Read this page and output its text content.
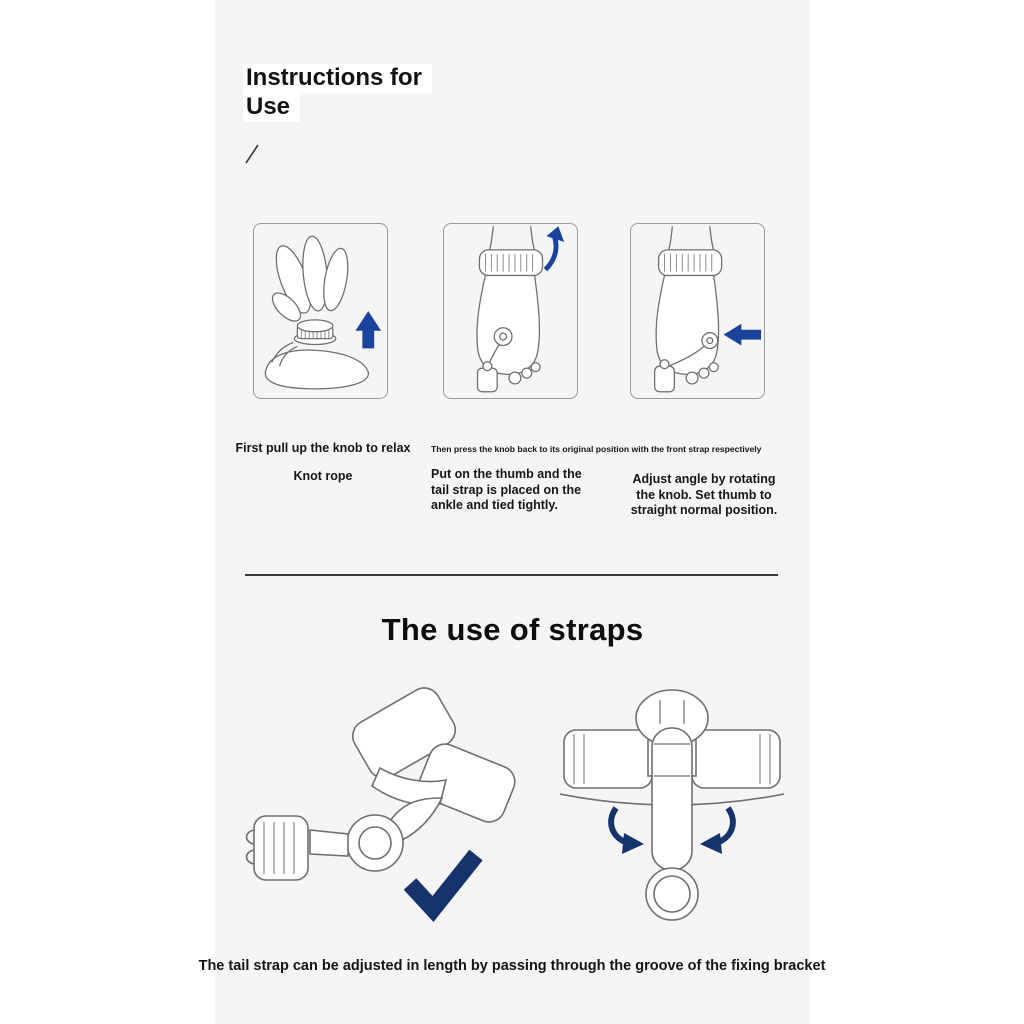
Instructions for
Use
First pull up the knob to relax
Knot rope
Then press the knob back to its original position with the front strap respectively
Put on the thumb and the tail strap is placed on the ankle and tied tightly.
Adjust angle by rotating the knob. Set thumb to straight normal position.
The use of straps
The tail strap can be adjusted in length by passing through the groove of the fixing bracket
